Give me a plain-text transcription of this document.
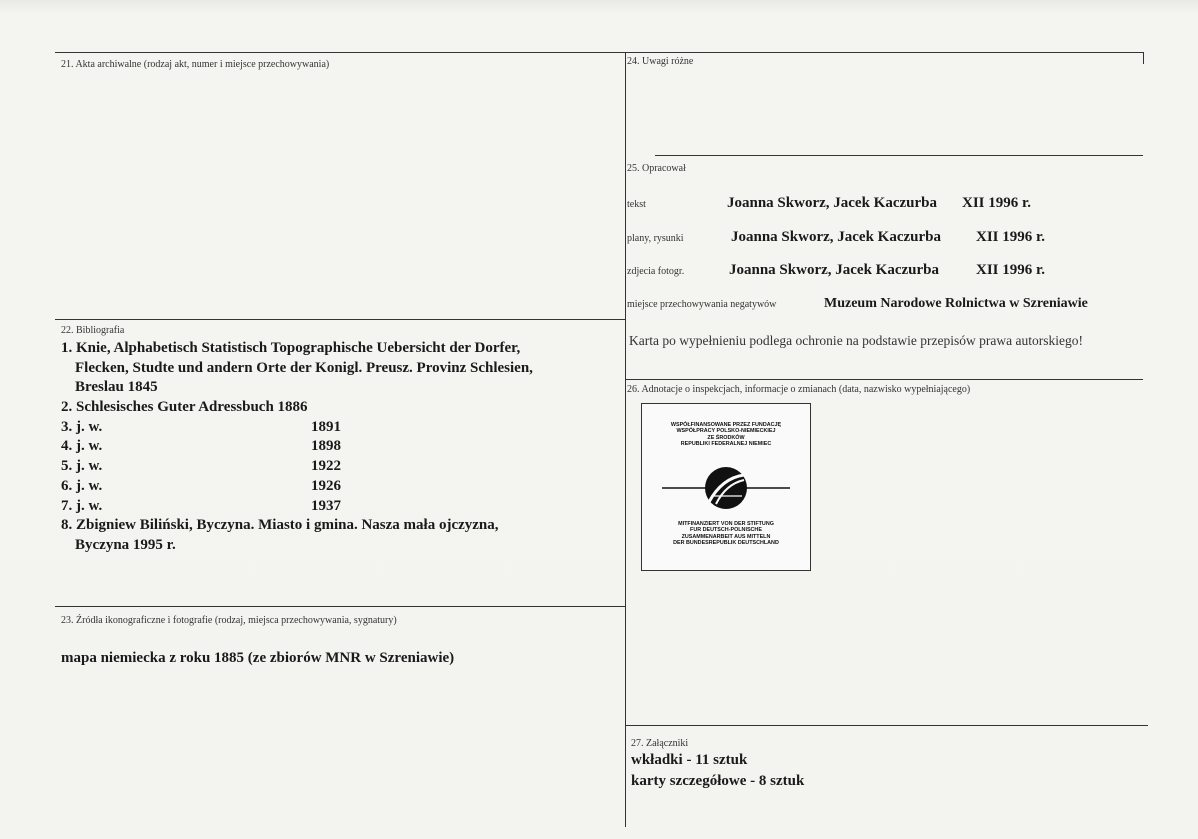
21. Akta archiwalne (rodzaj akt, numer i miejsce przechowywania)
22. Bibliografia
1. Knie, Alphabetisch Statistisch Topographische Uebersicht der Dorfer,
Flecken, Studte und andern Orte der Konigl. Preusz. Provinz Schlesien,
Breslau 1845
2. Schlesisches Guter Adressbuch 1886
3. j. w.	1891
4. j. w.	1898
5. j. w.	1922
6. j. w.	1926
7. j. w.	1937
8. Zbigniew Biliński, Byczyna. Miasto i gmina. Nasza mała ojczyzna,
Byczyna 1995 r.
23. Źródła ikonograficzne i fotografie (rodzaj, miejsca przechowywania, sygnatury)
mapa niemiecka z roku 1885 (ze zbiorów MNR w Szreniawie)
24. Uwagi różne
25. Opracował
tekst	Joanna Skworz, Jacek Kaczurba XII 1996 r.
plany, rysunki	Joanna Skworz, Jacek Kaczurba XII 1996 r.
zdjecia fotogr.	Joanna Skworz, Jacek Kaczurba XII 1996 r.
miejsce przechowywania negatywów	Muzeum Narodowe Rolnictwa w Szreniawie
Karta po wypełnieniu podlega ochronie na podstawie przepisów prawa autorskiego!
26. Adnotacje o inspekcjach, informacje o zmianach (data, nazwisko wypełniającego)
WSPÓŁFINANSOWANE PRZEZ FUNDACJĘ
WSPÓŁPRACY POLSKO-NIEMIECKIEJ
ZE ŚRODKÓW
REPUBLIKI FEDERALNEJ NIEMIEC
MITFINANZIERT VON DER STIFTUNG
FUR DEUTSCH-POLNISCHE
ZUSAMMENARBEIT AUS MITTELN
DER BUNDESREPUBLIK DEUTSCHLAND
27. Załączniki
wkładki - 11 sztuk
karty szczegółowe - 8 sztuk
